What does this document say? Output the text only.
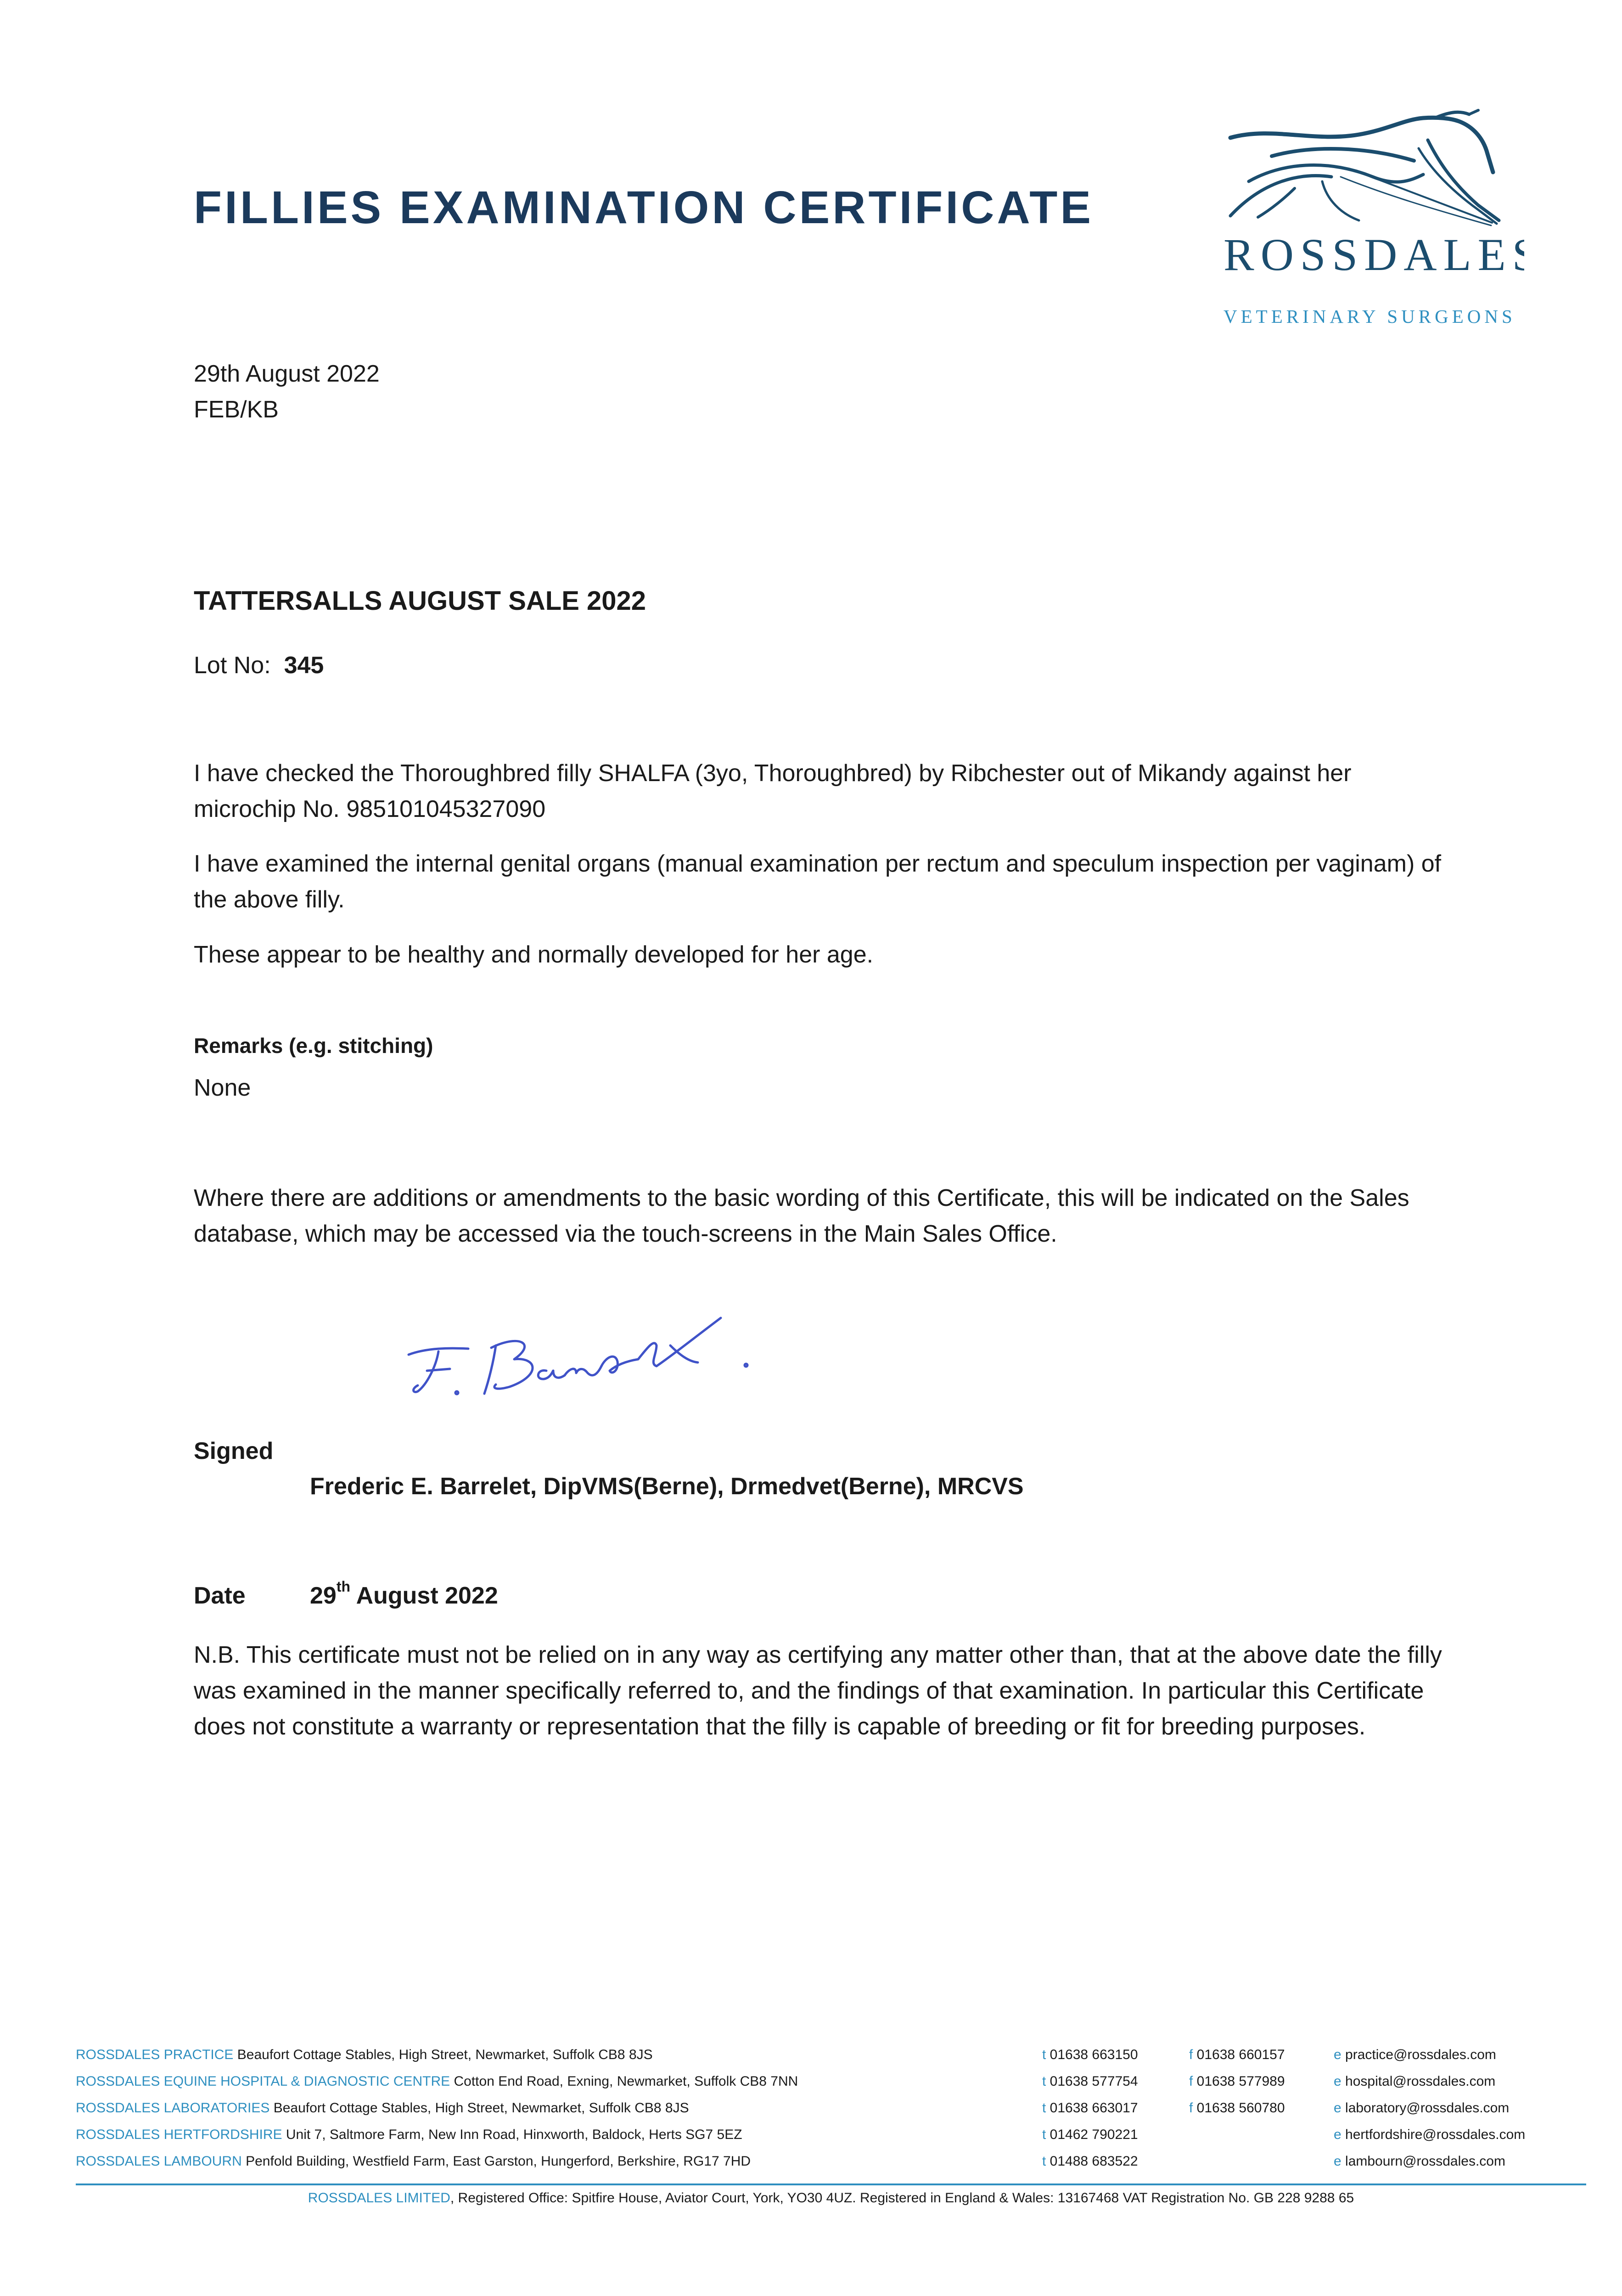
FILLIES EXAMINATION CERTIFICATE
ROSSDALES
VETERINARY SURGEONS
29th August 2022
FEB/KB
TATTERSALLS AUGUST SALE 2022
Lot No: 345
I have checked the Thoroughbred filly SHALFA (3yo, Thoroughbred) by Ribchester out of Mikandy against her microchip No. 985101045327090
I have examined the internal genital organs (manual examination per rectum and speculum inspection per vaginam) of the above filly.
These appear to be healthy and normally developed for her age.
Remarks (e.g. stitching)
None
Where there are additions or amendments to the basic wording of this Certificate, this will be indicated on the Sales database, which may be accessed via the touch-screens in the Main Sales Office.
Signed
Frederic E. Barrelet, DipVMS(Berne), Drmedvet(Berne), MRCVS
Date	29th August 2022
N.B. This certificate must not be relied on in any way as certifying any matter other than, that at the above date the filly was examined in the manner specifically referred to, and the findings of that examination. In particular this Certificate does not constitute a warranty or representation that the filly is capable of breeding or fit for breeding purposes.
ROSSDALES PRACTICE Beaufort Cottage Stables, High Street, Newmarket, Suffolk CB8 8JS	t 01638 663150	f 01638 660157	e practice@rossdales.com
ROSSDALES EQUINE HOSPITAL & DIAGNOSTIC CENTRE Cotton End Road, Exning, Newmarket, Suffolk CB8 7NN	t 01638 577754	f 01638 577989	e hospital@rossdales.com
ROSSDALES LABORATORIES Beaufort Cottage Stables, High Street, Newmarket, Suffolk CB8 8JS	t 01638 663017	f 01638 560780	e laboratory@rossdales.com
ROSSDALES HERTFORDSHIRE Unit 7, Saltmore Farm, New Inn Road, Hinxworth, Baldock, Herts SG7 5EZ	t 01462 790221	e hertfordshire@rossdales.com
ROSSDALES LAMBOURN Penfold Building, Westfield Farm, East Garston, Hungerford, Berkshire, RG17 7HD	t 01488 683522	e lambourn@rossdales.com
ROSSDALES LIMITED, Registered Office: Spitfire House, Aviator Court, York, YO30 4UZ. Registered in England & Wales: 13167468 VAT Registration No. GB 228 9288 65
